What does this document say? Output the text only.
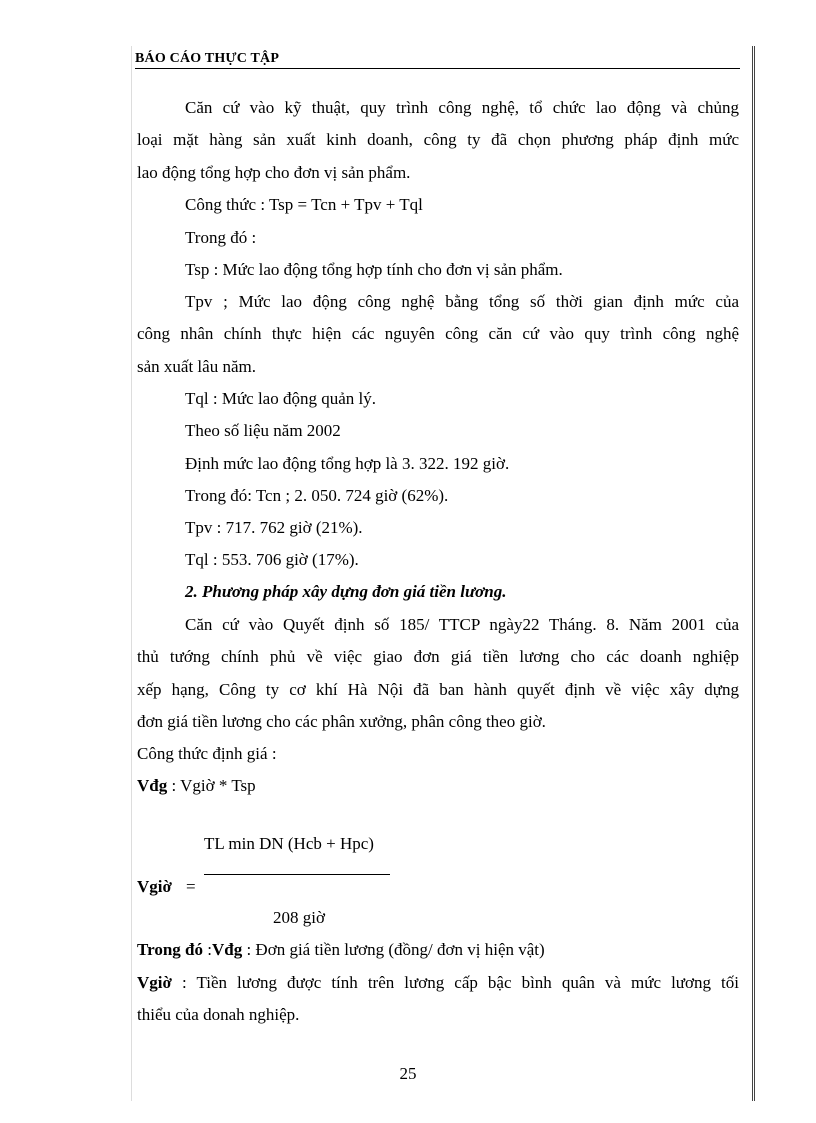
BÁO CÁO THỰC TẬP
Căn cứ vào kỹ thuật, quy trình công nghệ, tổ chức lao động và chủng
loại mặt hàng sản xuất kinh doanh, công ty đã chọn phương pháp định mức
lao động tổng hợp cho đơn vị sản phẩm.
Công thức : Tsp = Tcn + Tpv + Tql
Trong đó :
Tsp : Mức lao động tổng hợp tính cho đơn vị sản phẩm.
Tpv ; Mức lao động công nghệ bằng tổng số thời gian định mức của
công nhân chính thực hiện các nguyên công căn cứ vào quy trình công nghệ
sản xuất lâu năm.
Tql : Mức lao động quản lý.
Theo số liệu năm 2002
Định mức lao động tổng hợp là 3. 322. 192 giờ.
Trong đó: Tcn ; 2. 050. 724 giờ (62%).
Tpv : 717. 762 giờ (21%).
Tql : 553. 706 giờ (17%).
2. Phương pháp xây dựng đơn giá tiền lương.
Căn cứ vào Quyết định số 185/ TTCP ngày22 Tháng. 8. Năm 2001 của
thủ tướng chính phủ về việc giao đơn giá tiền lương cho các doanh nghiệp
xếp hạng, Công ty cơ khí Hà Nội đã ban hành quyết định về việc xây dựng
đơn giá tiền lương cho các phân xưởng, phân công theo giờ.
Công thức định giá :
Vđg : Vgiờ * Tsp
TL min DN (Hcb + Hpc)
Vgiờ =
208 giờ
Trong đó :Vđg : Đơn giá tiền lương (đồng/ đơn vị hiện vật)
Vgiờ : Tiền lương được tính trên lương cấp bậc bình quân và mức lương tối
thiểu của donah nghiệp.
25
